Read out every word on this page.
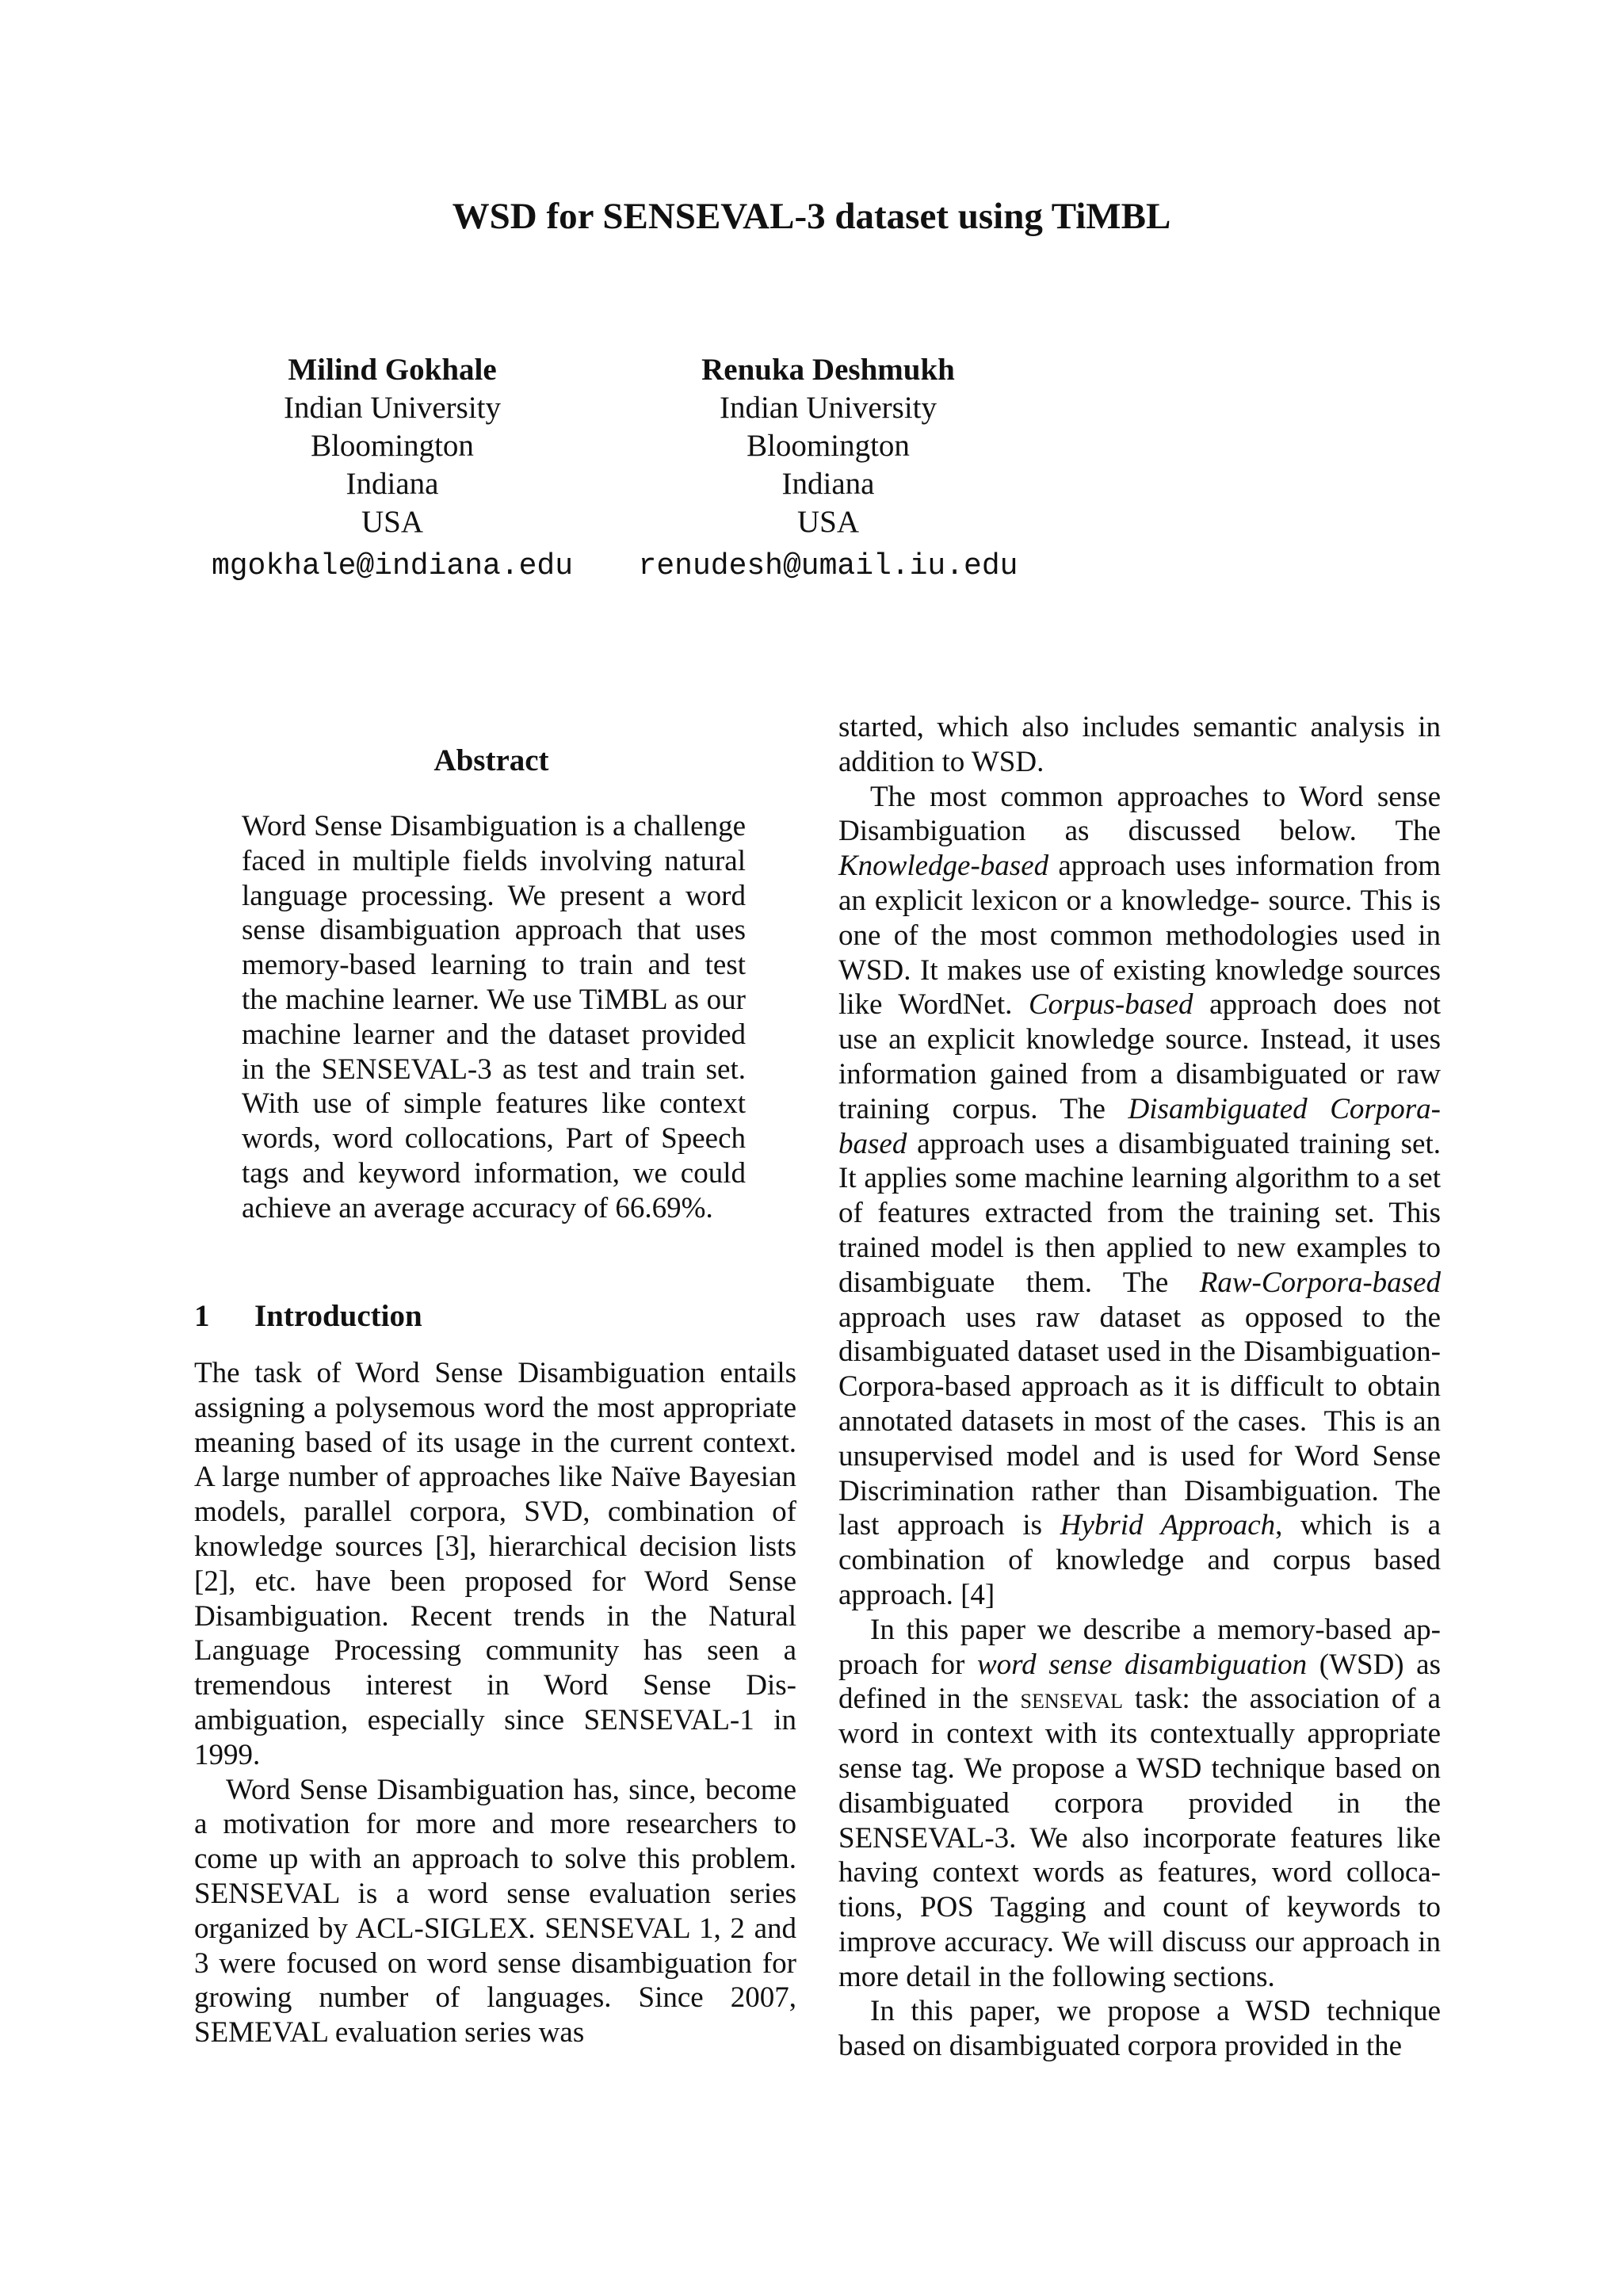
WSD for SENSEVAL-3 dataset using TiMBL
Milind Gokhale
Indian University
Bloomington
Indiana
USA
mgokhale@indiana.edu
Renuka Deshmukh
Indian University
Bloomington
Indiana
USA
renudesh@umail.iu.edu
Abstract

Word Sense Disambiguation is a challenge faced in multiple fields involving natural language processing. We present a word sense disambiguation approach that uses memory-based learning to train and test the machine learner. We use TiMBL as our machine learner and the dataset provided in the SENSEVAL-3 as test and train set. With use of simple features like context words, word collocations, Part of Speech tags and keyword information, we could achieve an average accuracy of 66.69%.

1 Introduction

The task of Word Sense Disambiguation entails assigning a polysemous word the most appropriate meaning based of its usage in the current context. A large number of approaches like Naïve Bayesian models, parallel corpora, SVD, combination of knowledge sources [3], hierarchical decision lists [2], etc. have been proposed for Word Sense Disambiguation. Recent trends in the Natural Language Processing community has seen a tremendous interest in Word Sense Disambiguation, especially since SENSEVAL-1 in 1999.

Word Sense Disambiguation has, since, become a motivation for more and more researchers to come up with an approach to solve this problem. SENSEVAL is a word sense evaluation series organized by ACL-SIGLEX. SENSEVAL 1, 2 and 3 were focused on word sense disambiguation for growing number of languages. Since 2007, SEMEVAL evaluation series was

started, which also includes semantic analysis in addition to WSD.

The most common approaches to Word sense Disambiguation as discussed below. The Knowledge-based approach uses information from an explicit lexicon or a knowledge- source. This is one of the most common methodologies used in WSD. It makes use of existing knowledge sources like WordNet. Corpus-based approach does not use an explicit knowledge source. Instead, it uses information gained from a disambiguated or raw training corpus. The Disambiguated Corpora-based approach uses a disambiguated training set. It applies some machine learning algorithm to a set of features extracted from the training set. This trained model is then applied to new examples to disambiguate them. The Raw-Corpora-based approach uses raw dataset as opposed to the disambiguated dataset used in the Disambiguation-Corpora-based approach as it is difficult to obtain annotated datasets in most of the cases.  This is an unsupervised model and is used for Word Sense Discrimination rather than Disambiguation. The last approach is Hybrid Approach, which is a combination of knowledge and corpus based approach. [4]

In this paper we describe a memory-based approach for word sense disambiguation (WSD) as defined in the senseval task: the association of a word in context with its contextually appropriate sense tag. We propose a WSD technique based on disambiguated corpora provided in the SENSEVAL-3. We also incorporate features like having context words as features, word collocations, POS Tagging and count of keywords to improve accuracy. We will discuss our approach in more detail in the following sections.

In this paper, we propose a WSD technique based on disambiguated corpora provided in the
